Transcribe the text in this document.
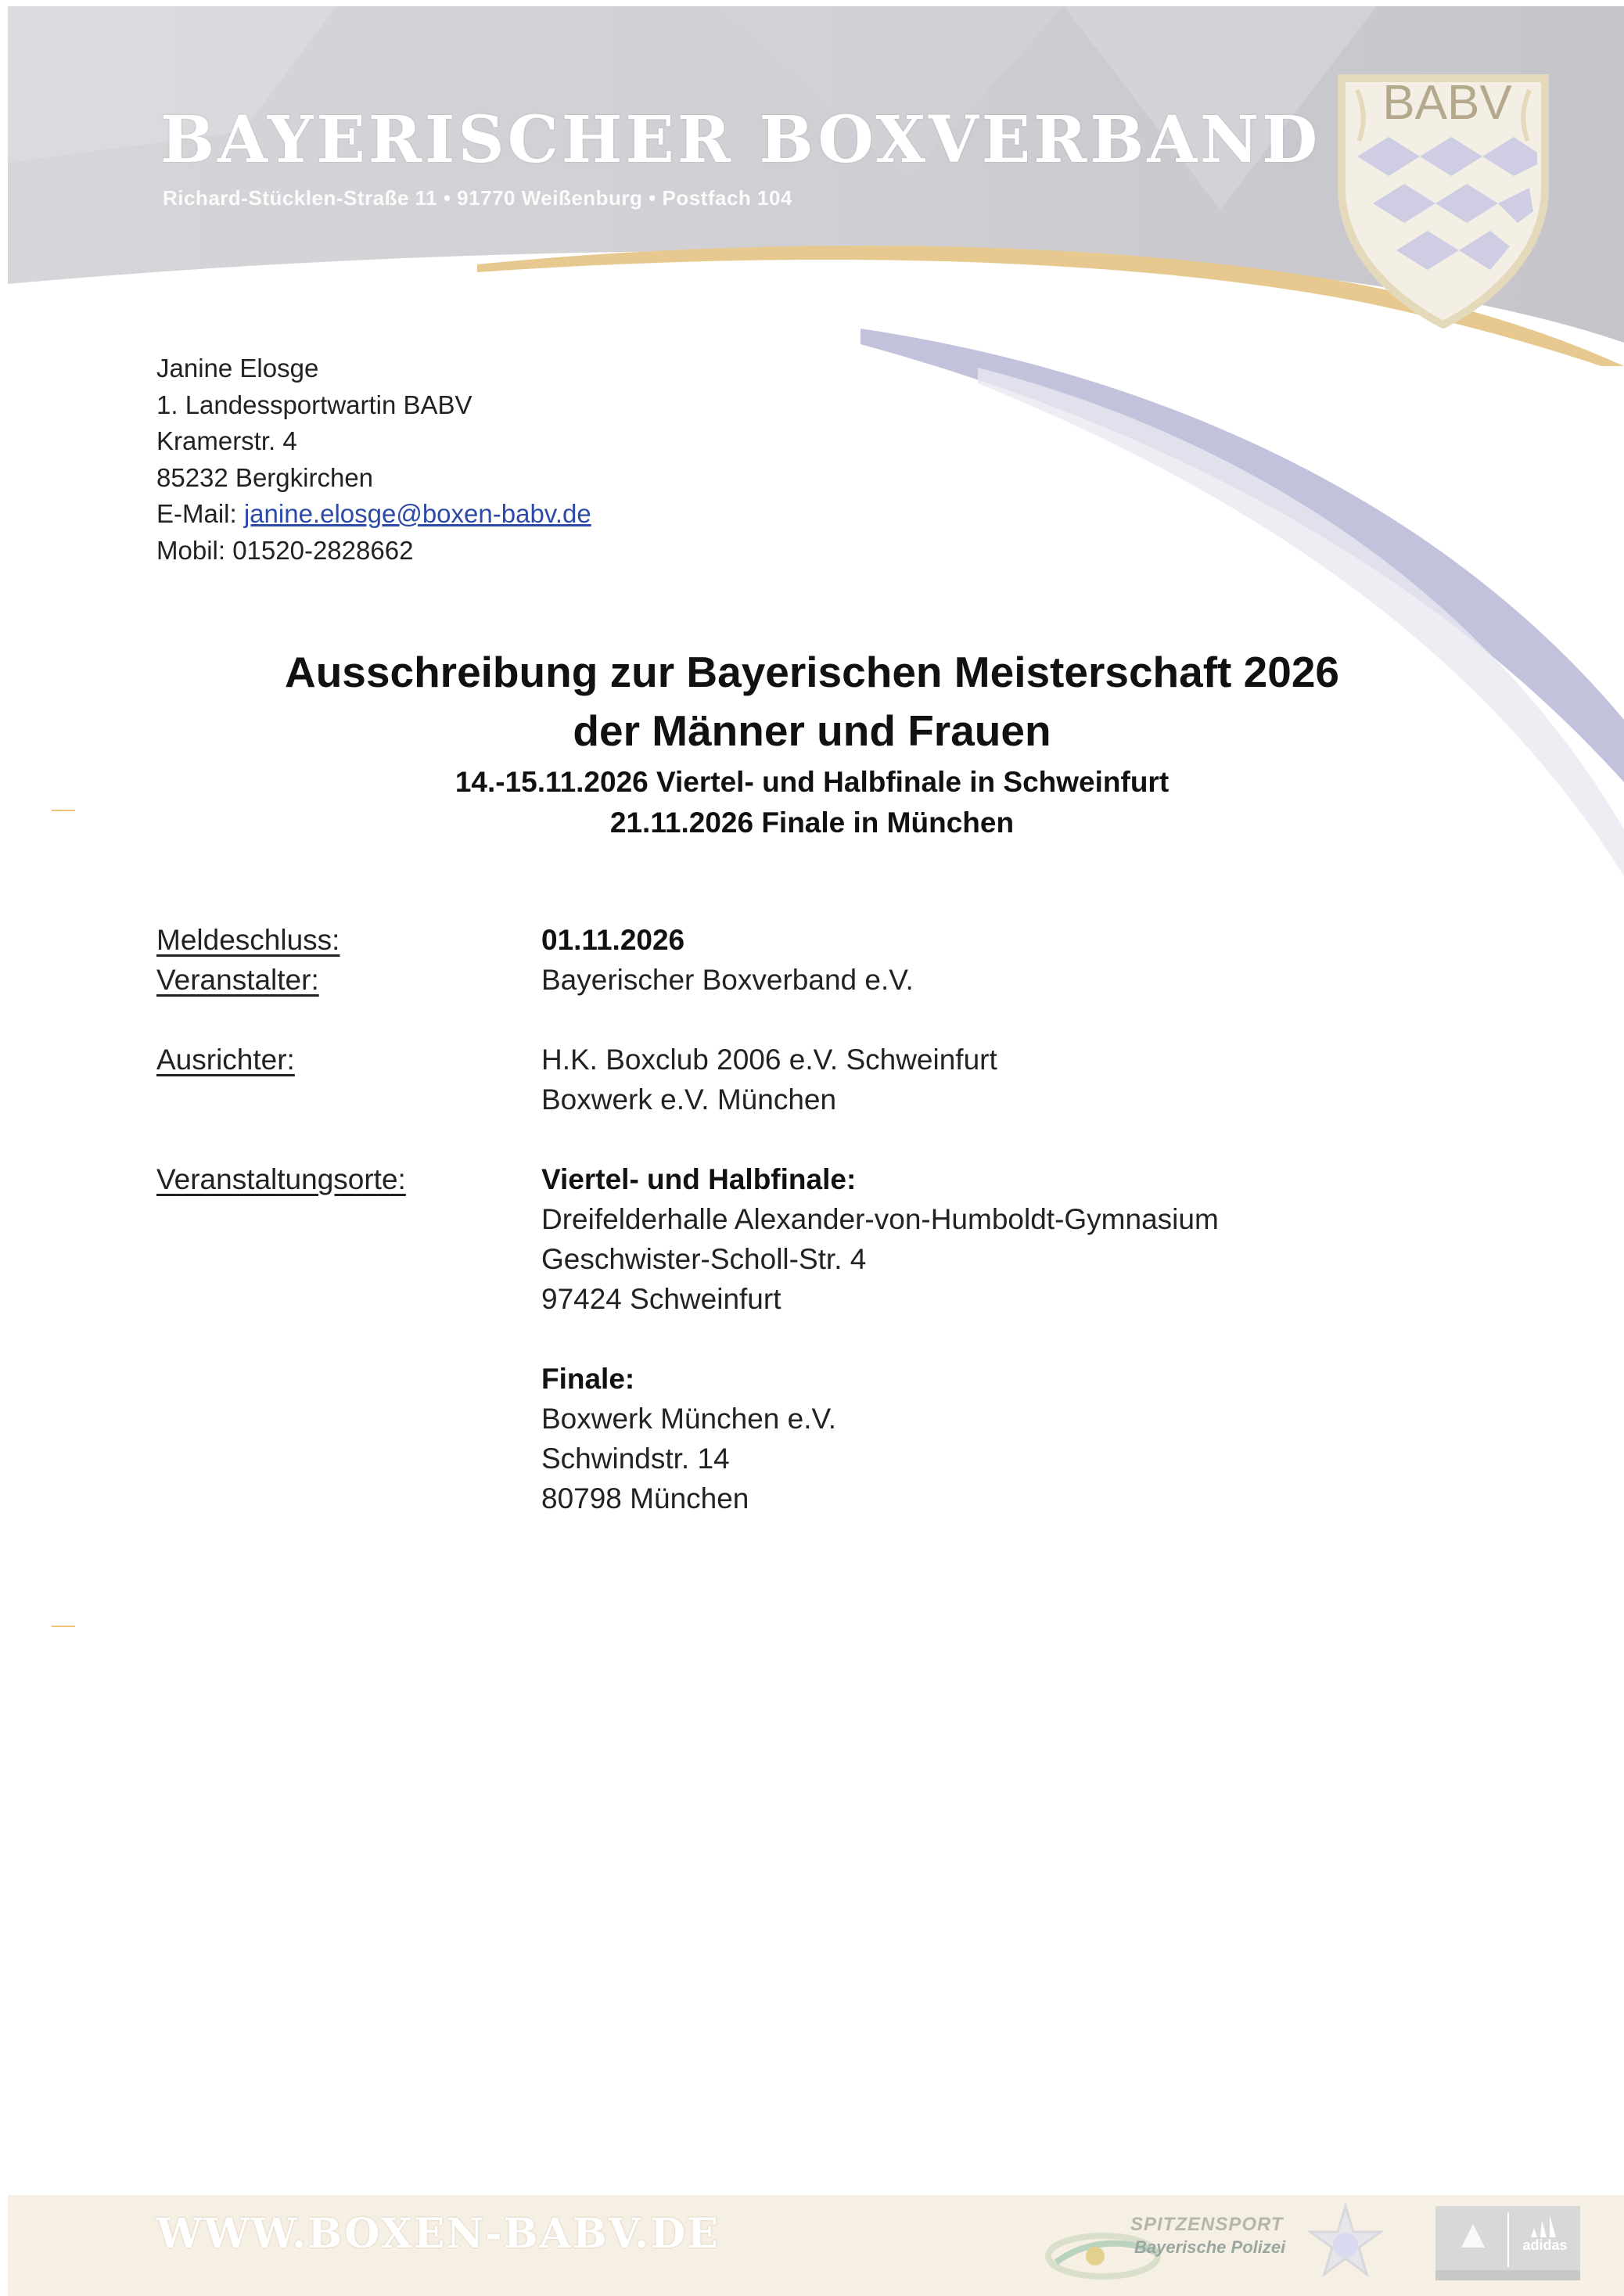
BAYERISCHER BOXVERBAND
Richard-Stücklen-Straße 11 • 91770 Weißenburg • Postfach 104
BABV
Janine Elosge
1. Landessportwartin BABV
Kramerstr. 4
85232 Bergkirchen
E-Mail: janine.elosge@boxen-babv.de
Mobil: 01520-2828662
Ausschreibung zur Bayerischen Meisterschaft 2026
der Männer und Frauen
14.-15.11.2026 Viertel- und Halbfinale in Schweinfurt
21.11.2026 Finale in München
Meldeschluss:	01.11.2026
Veranstalter:	Bayerischer Boxverband e.V.
Ausrichter:	H.K. Boxclub 2006 e.V. Schweinfurt
Boxwerk e.V. München
Veranstaltungsorte:	Viertel- und Halbfinale:
Dreifelderhalle Alexander-von-Humboldt-Gymnasium
Geschwister-Scholl-Str. 4
97424 Schweinfurt
Finale:
Boxwerk München e.V.
Schwindstr. 14
80798 München
WWW.BOXEN-BABV.DE	SPITZENSPORT
Bayerische Polizei	adidas
